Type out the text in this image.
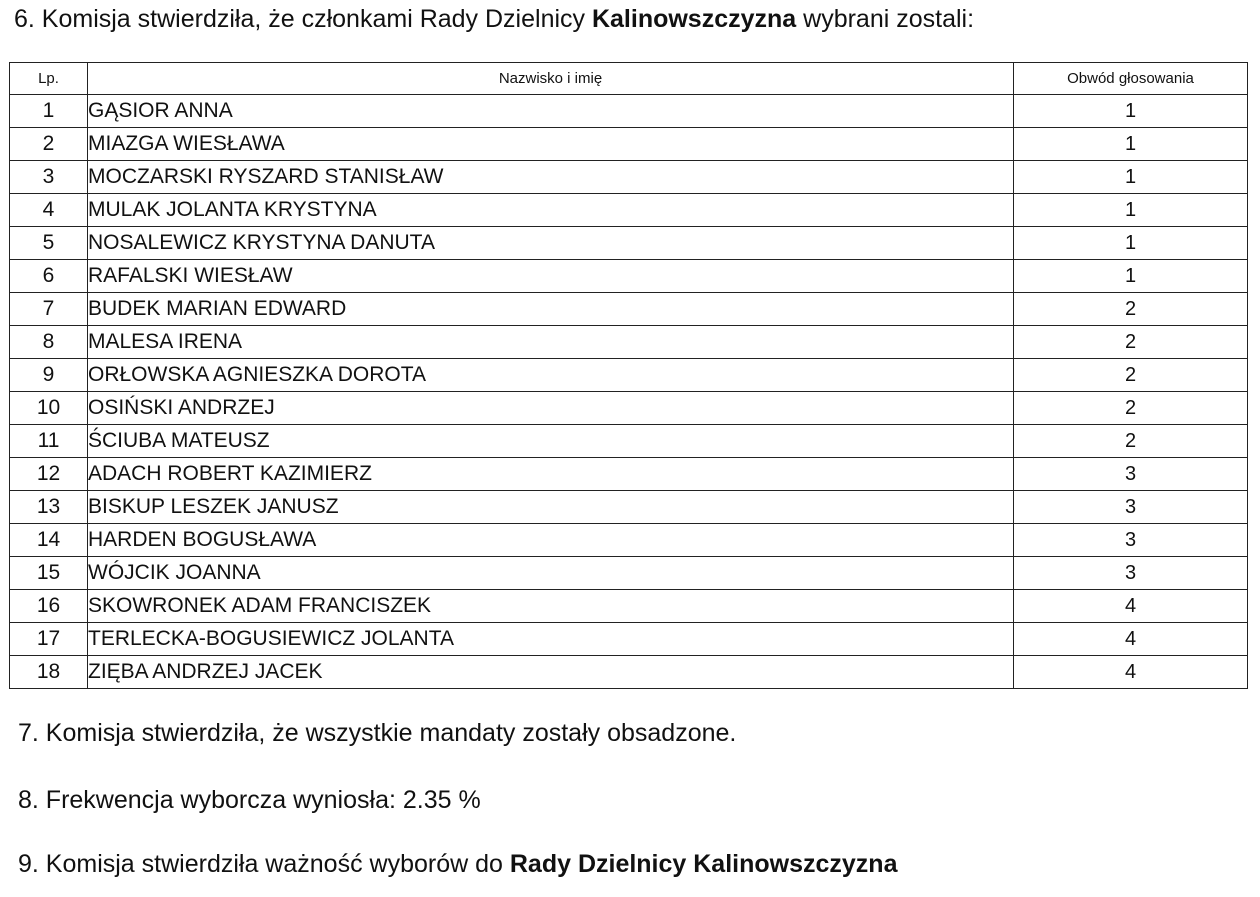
6. Komisja stwierdziła, że członkami Rady Dzielnicy Kalinowszczyzna wybrani zostali:
Lp.	Nazwisko i imię	Obwód głosowania
1	GĄSIOR ANNA	1
2	MIAZGA WIESŁAWA	1
3	MOCZARSKI RYSZARD STANISŁAW	1
4	MULAK JOLANTA KRYSTYNA	1
5	NOSALEWICZ KRYSTYNA DANUTA	1
6	RAFALSKI WIESŁAW	1
7	BUDEK MARIAN EDWARD	2
8	MALESA IRENA	2
9	ORŁOWSKA AGNIESZKA DOROTA	2
10	OSIŃSKI ANDRZEJ	2
11	ŚCIUBA MATEUSZ	2
12	ADACH ROBERT KAZIMIERZ	3
13	BISKUP LESZEK JANUSZ	3
14	HARDEN BOGUSŁAWA	3
15	WÓJCIK JOANNA	3
16	SKOWRONEK ADAM FRANCISZEK	4
17	TERLECKA-BOGUSIEWICZ JOLANTA	4
18	ZIĘBA ANDRZEJ JACEK	4
7. Komisja stwierdziła, że wszystkie mandaty zostały obsadzone.
8. Frekwencja wyborcza wyniosła: 2.35 %
9. Komisja stwierdziła ważność wyborów do Rady Dzielnicy Kalinowszczyzna
